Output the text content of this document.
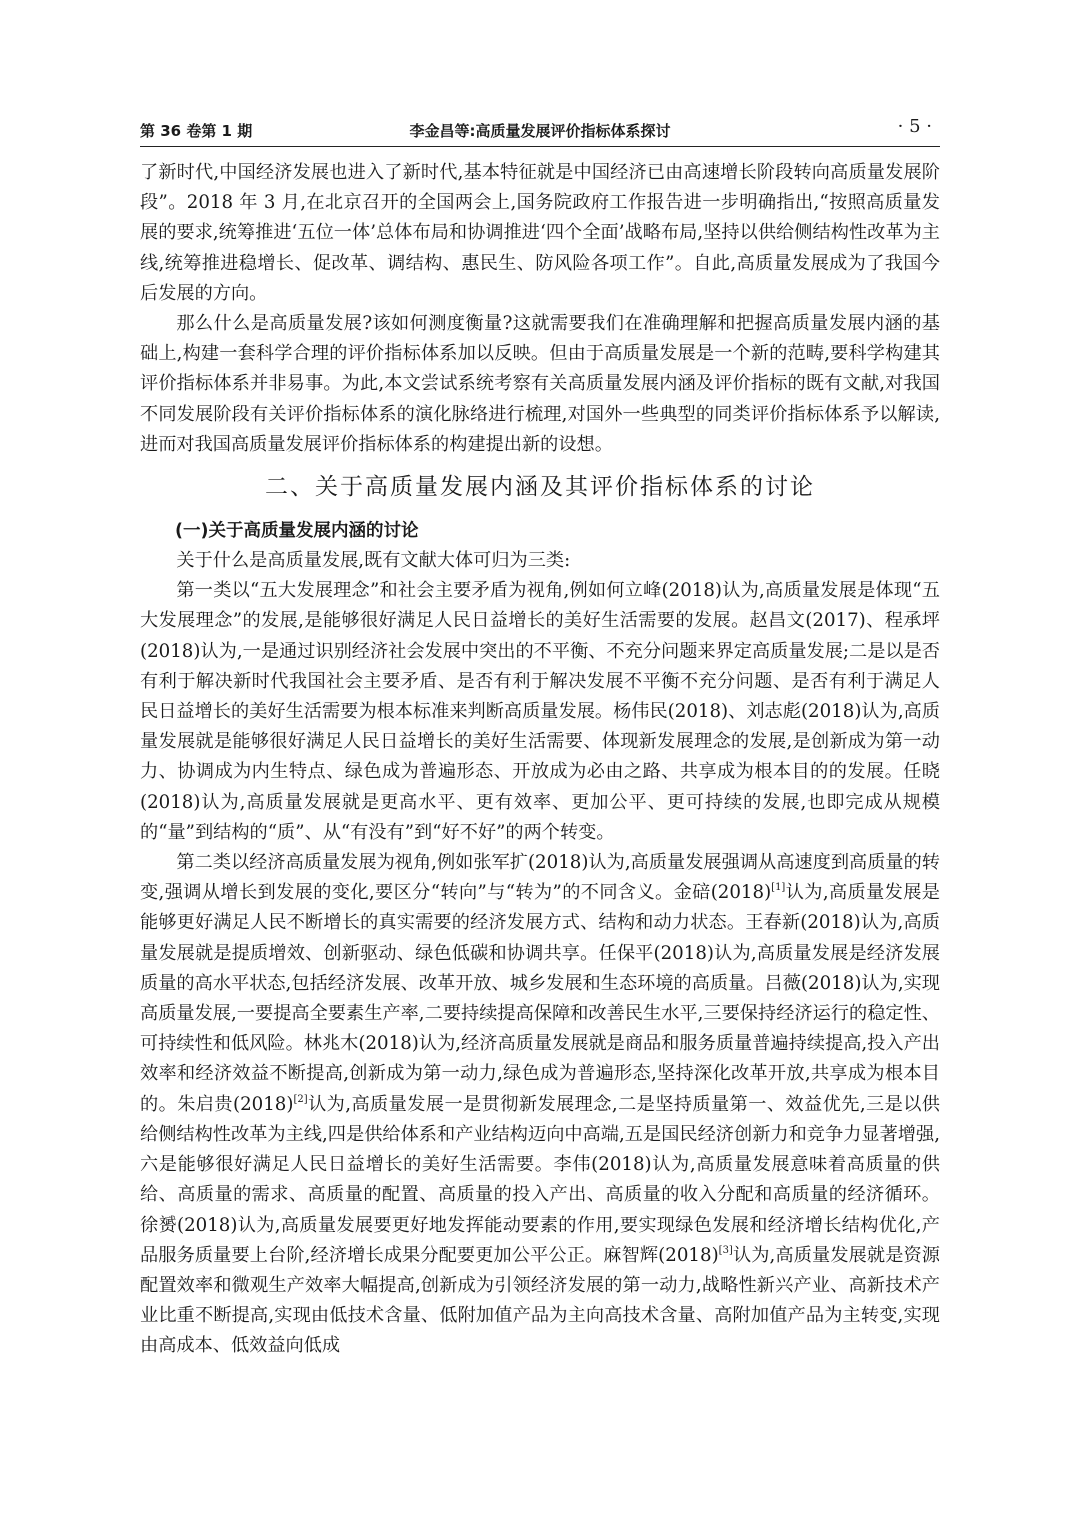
第 36 卷第 1 期	李金昌等:高质量发展评价指标体系探讨	· 5 ·

了新时代,中国经济发展也进入了新时代,基本特征就是中国经济已由高速增长阶段转向高质量发展阶段”。2018 年 3 月,在北京召开的全国两会上,国务院政府工作报告进一步明确指出,“按照高质量发展的要求,统筹推进‘五位一体’总体布局和协调推进‘四个全面’战略布局,坚持以供给侧结构性改革为主线,统筹推进稳增长、促改革、调结构、惠民生、防风险各项工作”。自此,高质量发展成为了我国今后发展的方向。

那么什么是高质量发展?该如何测度衡量?这就需要我们在准确理解和把握高质量发展内涵的基础上,构建一套科学合理的评价指标体系加以反映。但由于高质量发展是一个新的范畴,要科学构建其评价指标体系并非易事。为此,本文尝试系统考察有关高质量发展内涵及评价指标的既有文献,对我国不同发展阶段有关评价指标体系的演化脉络进行梳理,对国外一些典型的同类评价指标体系予以解读,进而对我国高质量发展评价指标体系的构建提出新的设想。

二、关于高质量发展内涵及其评价指标体系的讨论

(一)关于高质量发展内涵的讨论

关于什么是高质量发展,既有文献大体可归为三类:

第一类以“五大发展理念”和社会主要矛盾为视角,例如何立峰(2018)认为,高质量发展是体现“五大发展理念”的发展,是能够很好满足人民日益增长的美好生活需要的发展。赵昌文(2017)、程承坪(2018)认为,一是通过识别经济社会发展中突出的不平衡、不充分问题来界定高质量发展;二是以是否有利于解决新时代我国社会主要矛盾、是否有利于解决发展不平衡不充分问题、是否有利于满足人民日益增长的美好生活需要为根本标准来判断高质量发展。杨伟民(2018)、刘志彪(2018)认为,高质量发展就是能够很好满足人民日益增长的美好生活需要、体现新发展理念的发展,是创新成为第一动力、协调成为内生特点、绿色成为普遍形态、开放成为必由之路、共享成为根本目的的发展。任晓(2018)认为,高质量发展就是更高水平、更有效率、更加公平、更可持续的发展,也即完成从规模的“量”到结构的“质”、从“有没有”到“好不好”的两个转变。

第二类以经济高质量发展为视角,例如张军扩(2018)认为,高质量发展强调从高速度到高质量的转变,强调从增长到发展的变化,要区分“转向”与“转为”的不同含义。金碚(2018)[1]认为,高质量发展是能够更好满足人民不断增长的真实需要的经济发展方式、结构和动力状态。王春新(2018)认为,高质量发展就是提质增效、创新驱动、绿色低碳和协调共享。任保平(2018)认为,高质量发展是经济发展质量的高水平状态,包括经济发展、改革开放、城乡发展和生态环境的高质量。吕薇(2018)认为,实现高质量发展,一要提高全要素生产率,二要持续提高保障和改善民生水平,三要保持经济运行的稳定性、可持续性和低风险。林兆木(2018)认为,经济高质量发展就是商品和服务质量普遍持续提高,投入产出效率和经济效益不断提高,创新成为第一动力,绿色成为普遍形态,坚持深化改革开放,共享成为根本目的。朱启贵(2018)[2]认为,高质量发展一是贯彻新发展理念,二是坚持质量第一、效益优先,三是以供给侧结构性改革为主线,四是供给体系和产业结构迈向中高端,五是国民经济创新力和竞争力显著增强,六是能够很好满足人民日益增长的美好生活需要。李伟(2018)认为,高质量发展意味着高质量的供给、高质量的需求、高质量的配置、高质量的投入产出、高质量的收入分配和高质量的经济循环。徐赟(2018)认为,高质量发展要更好地发挥能动要素的作用,要实现绿色发展和经济增长结构优化,产品服务质量要上台阶,经济增长成果分配要更加公平公正。麻智辉(2018)[3]认为,高质量发展就是资源配置效率和微观生产效率大幅提高,创新成为引领经济发展的第一动力,战略性新兴产业、高新技术产业比重不断提高,实现由低技术含量、低附加值产品为主向高技术含量、高附加值产品为主转变,实现由高成本、低效益向低成
